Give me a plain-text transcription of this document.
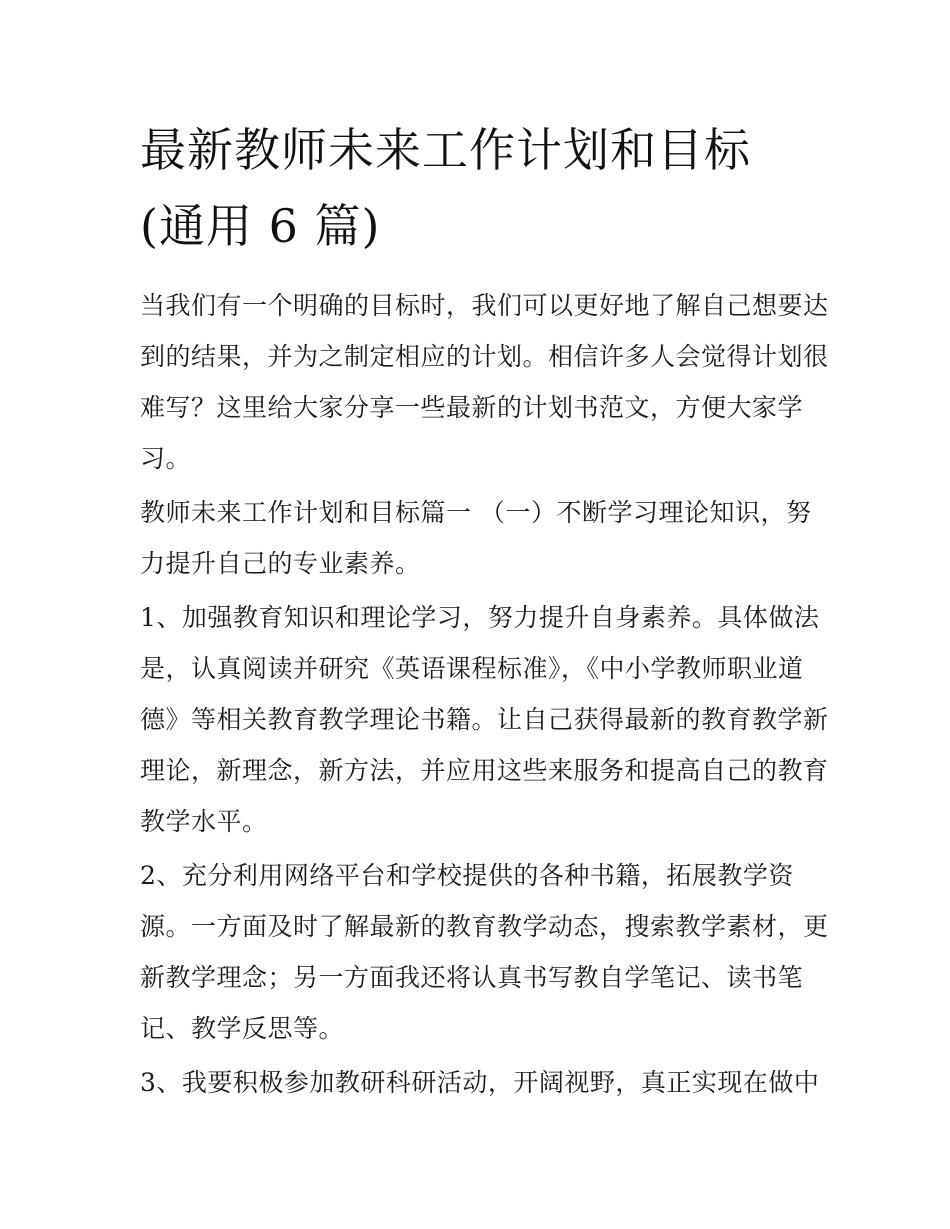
最新教师未来工作计划和目标
(通用 6 篇)

当我们有一个明确的目标时，我们可以更好地了解自己想要达
到的结果，并为之制定相应的计划。相信许多人会觉得计划很
难写？这里给大家分享一些最新的计划书范文，方便大家学
习。

教师未来工作计划和目标篇一 （一）不断学习理论知识，努
力提升自己的专业素养。

1、加强教育知识和理论学习，努力提升自身素养。具体做法
是，认真阅读并研究《英语课程标准》，《中小学教师职业道
德》等相关教育教学理论书籍。让自己获得最新的教育教学新
理论，新理念，新方法，并应用这些来服务和提高自己的教育
教学水平。

2、充分利用网络平台和学校提供的各种书籍，拓展教学资
源。一方面及时了解最新的教育教学动态，搜索教学素材，更
新教学理念；另一方面我还将认真书写教自学笔记、读书笔
记、教学反思等。

3、我要积极参加教研科研活动，开阔视野，真正实现在做中
